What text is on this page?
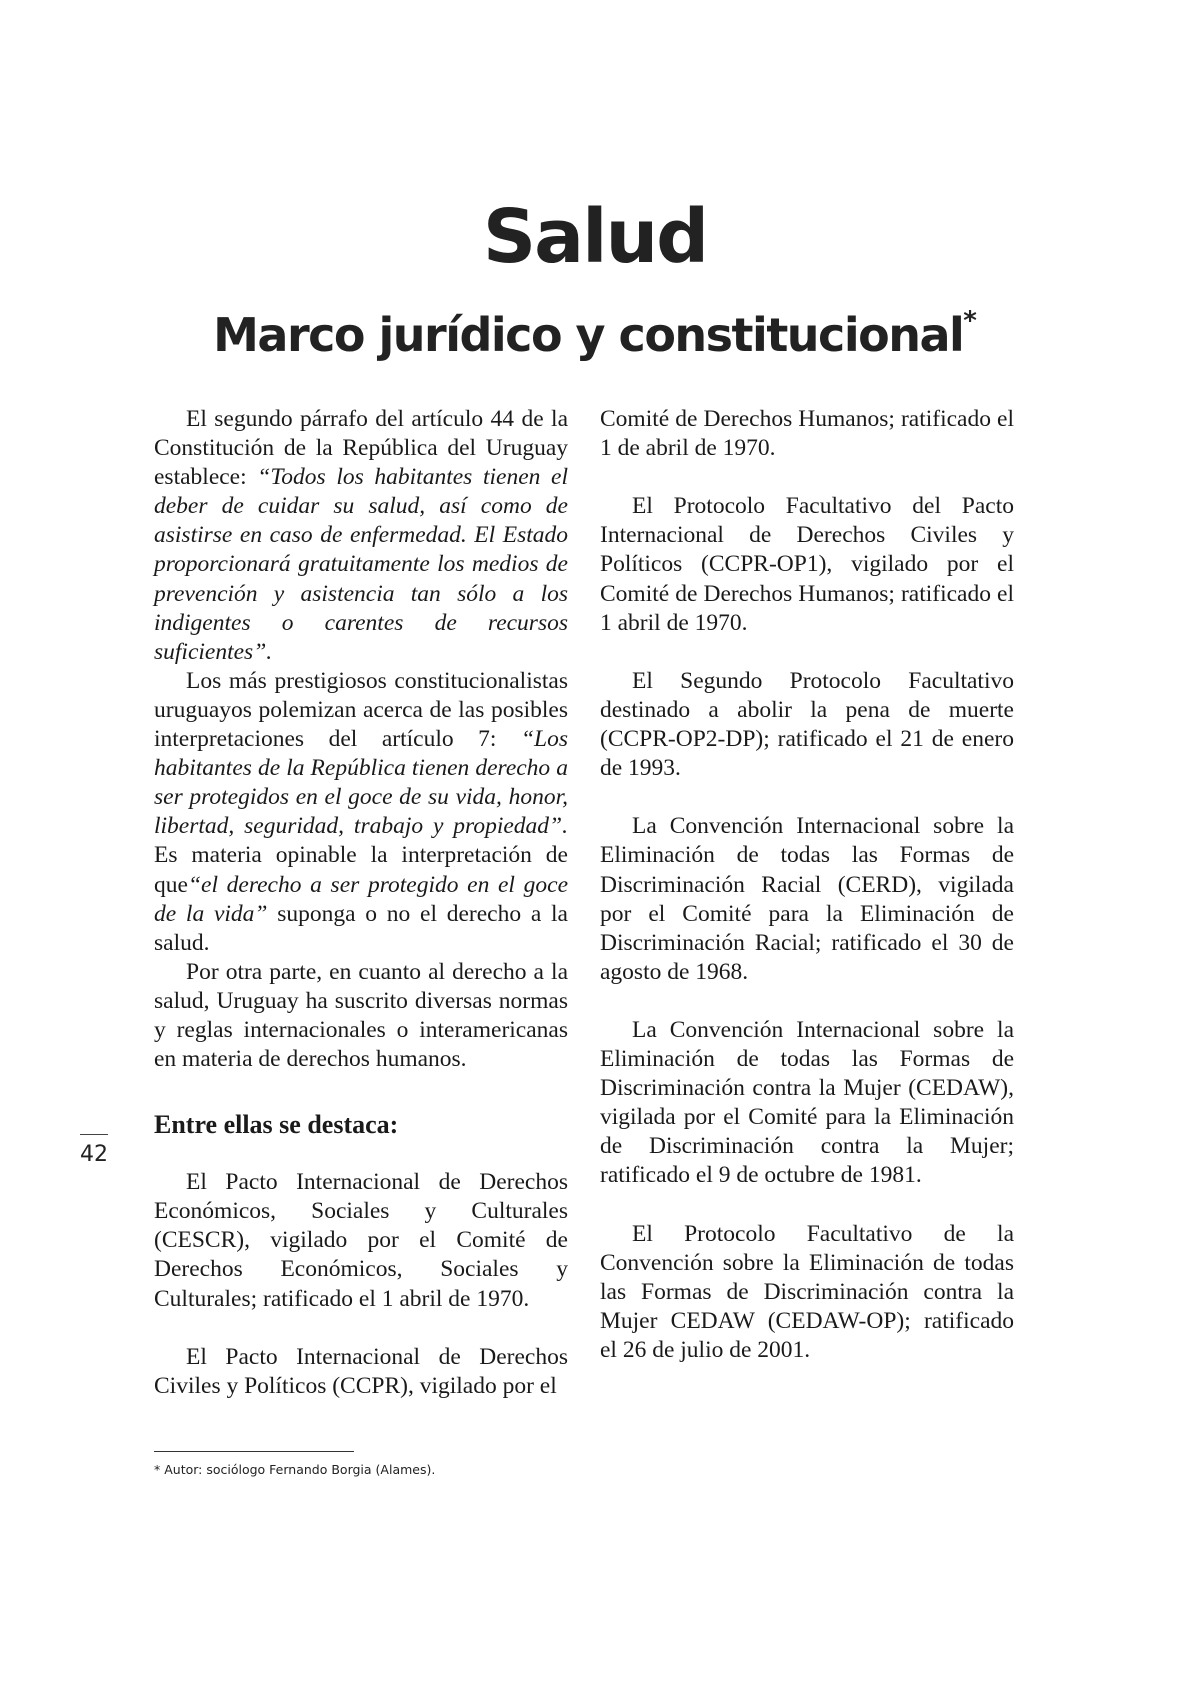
Salud
Marco jurídico y constitucional*

El segundo párrafo del artículo 44 de la Constitución de la República del Uruguay establece: “Todos los habitantes tienen el deber de cuidar su salud, así como de asistirse en caso de enfermedad. El Estado proporcionará gratuitamente los medios de prevención y asistencia tan sólo a los indigentes o carentes de recursos suficientes”.

Los más prestigiosos constitucionalistas uruguayos polemizan acerca de las posibles interpretaciones del artículo 7: “Los habitantes de la República tienen derecho a ser protegidos en el goce de su vida, honor, libertad, seguridad, trabajo y propiedad”. Es materia opinable la interpretación de que“el derecho a ser protegido en el goce de la vida” suponga o no el derecho a la salud.

Por otra parte, en cuanto al derecho a la salud, Uruguay ha suscrito diversas normas y reglas internacionales o interamericanas en materia de derechos humanos.

Entre ellas se destaca:

El Pacto Internacional de Derechos Económicos, Sociales y Culturales (CESCR), vigilado por el Comité de Derechos Económicos, Sociales y Culturales; ratificado el 1 abril de 1970.

El Pacto Internacional de Derechos Civiles y Políticos (CCPR), vigilado por el

Comité de Derechos Humanos; ratificado el 1 de abril de 1970.

El Protocolo Facultativo del Pacto Internacional de Derechos Civiles y Políticos (CCPR-OP1), vigilado por el Comité de Derechos Humanos; ratificado el 1 abril de 1970.

El Segundo Protocolo Facultativo destinado a abolir la pena de muerte (CCPR-OP2-DP); ratificado el 21 de enero de 1993.

La Convención Internacional sobre la Eliminación de todas las Formas de Discriminación Racial (CERD), vigilada por el Comité para la Eliminación de Discriminación Racial; ratificado el 30 de agosto de 1968.

La Convención Internacional sobre la Eliminación de todas las Formas de Discriminación contra la Mujer (CEDAW), vigilada por el Comité para la Eliminación de Discriminación contra la Mujer; ratificado el 9 de octubre de 1981.

El Protocolo Facultativo de la Convención sobre la Eliminación de todas las Formas de Discriminación contra la Mujer CEDAW (CEDAW-OP); ratificado el 26 de julio de 2001.

42
* Autor: sociólogo Fernando Borgia (Alames).
